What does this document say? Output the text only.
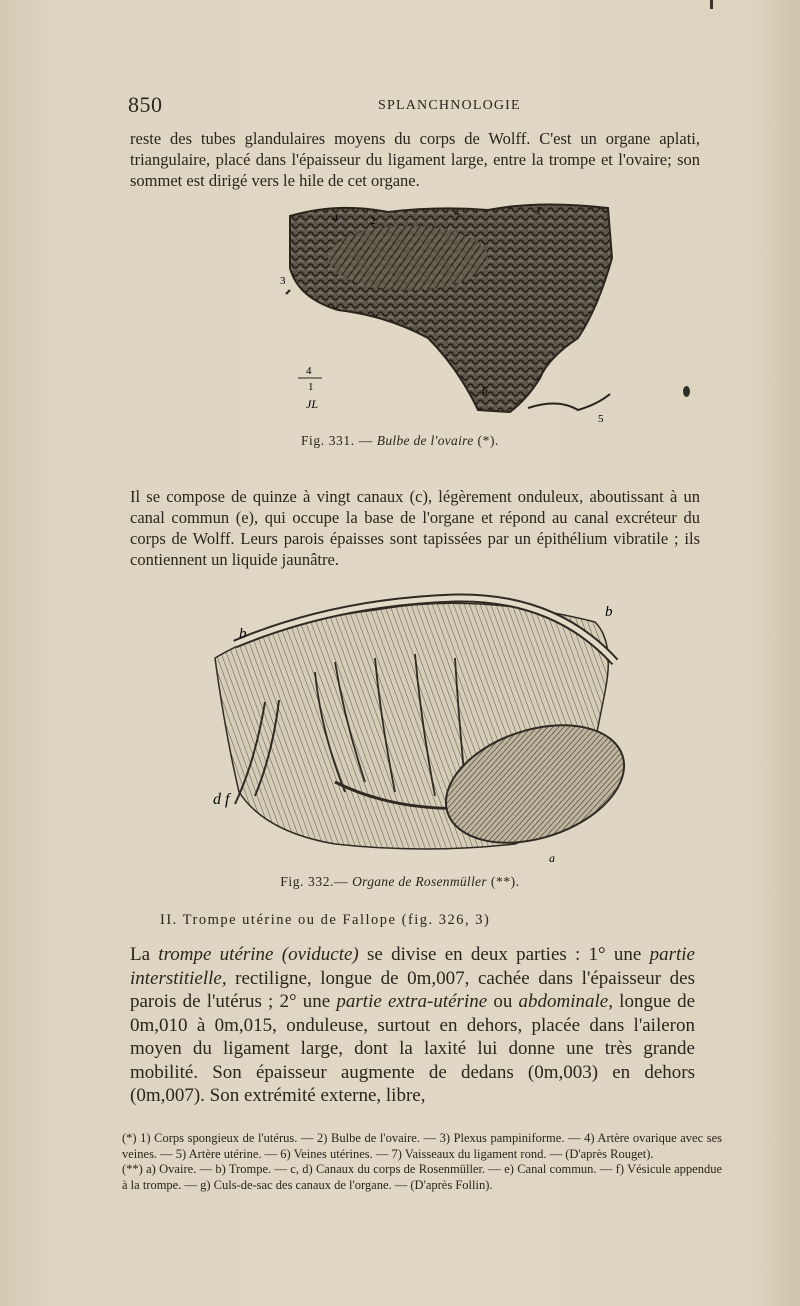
850	SPLANCHNOLOGIE

reste des tubes glandulaires moyens du corps de Wolff. C'est un organe aplati, triangulaire, placé dans l'épaisseur du ligament large, entre la trompe et l'ovaire; son sommet est dirigé vers le hile de cet organe.

4	2	7	1
3
4
1
JL
6
5
Fig. 331. — Bulbe de l'ovaire (*).

Il se compose de quinze à vingt canaux (c), légèrement onduleux, aboutissant à un canal commun (e), qui occupe la base de l'organe et répond au canal excréteur du corps de Wolff. Leurs parois épaisses sont tapissées par un épithélium vibratile ; ils contiennent un liquide jaunâtre.

b
b
d f
a
Fig. 332.— Organe de Rosenmüller (**).
II. Trompe utérine ou de Fallope (fig. 326, 3)

La trompe utérine (oviducte) se divise en deux parties : 1° une partie interstitielle, rectiligne, longue de 0m,007, cachée dans l'épaisseur des parois de l'utérus ; 2° une partie extra-utérine ou abdominale, longue de 0m,010 à 0m,015, onduleuse, surtout en dehors, placée dans l'aileron moyen du ligament large, dont la laxité lui donne une très grande mobilité. Son épaisseur augmente de dedans (0m,003) en dehors (0m,007). Son extrémité externe, libre,

(*) 1) Corps spongieux de l'utérus. — 2) Bulbe de l'ovaire. — 3) Plexus pampiniforme. — 4) Artère ovarique avec ses veines. — 5) Artère utérine. — 6) Veines utérines. — 7) Vaisseaux du ligament rond. — (D'après Rouget).

(**) a) Ovaire. — b) Trompe. — c, d) Canaux du corps de Rosenmüller. — e) Canal commun. — f) Vésicule appendue à la trompe. — g) Culs-de-sac des canaux de l'organe. — (D'après Follin).
